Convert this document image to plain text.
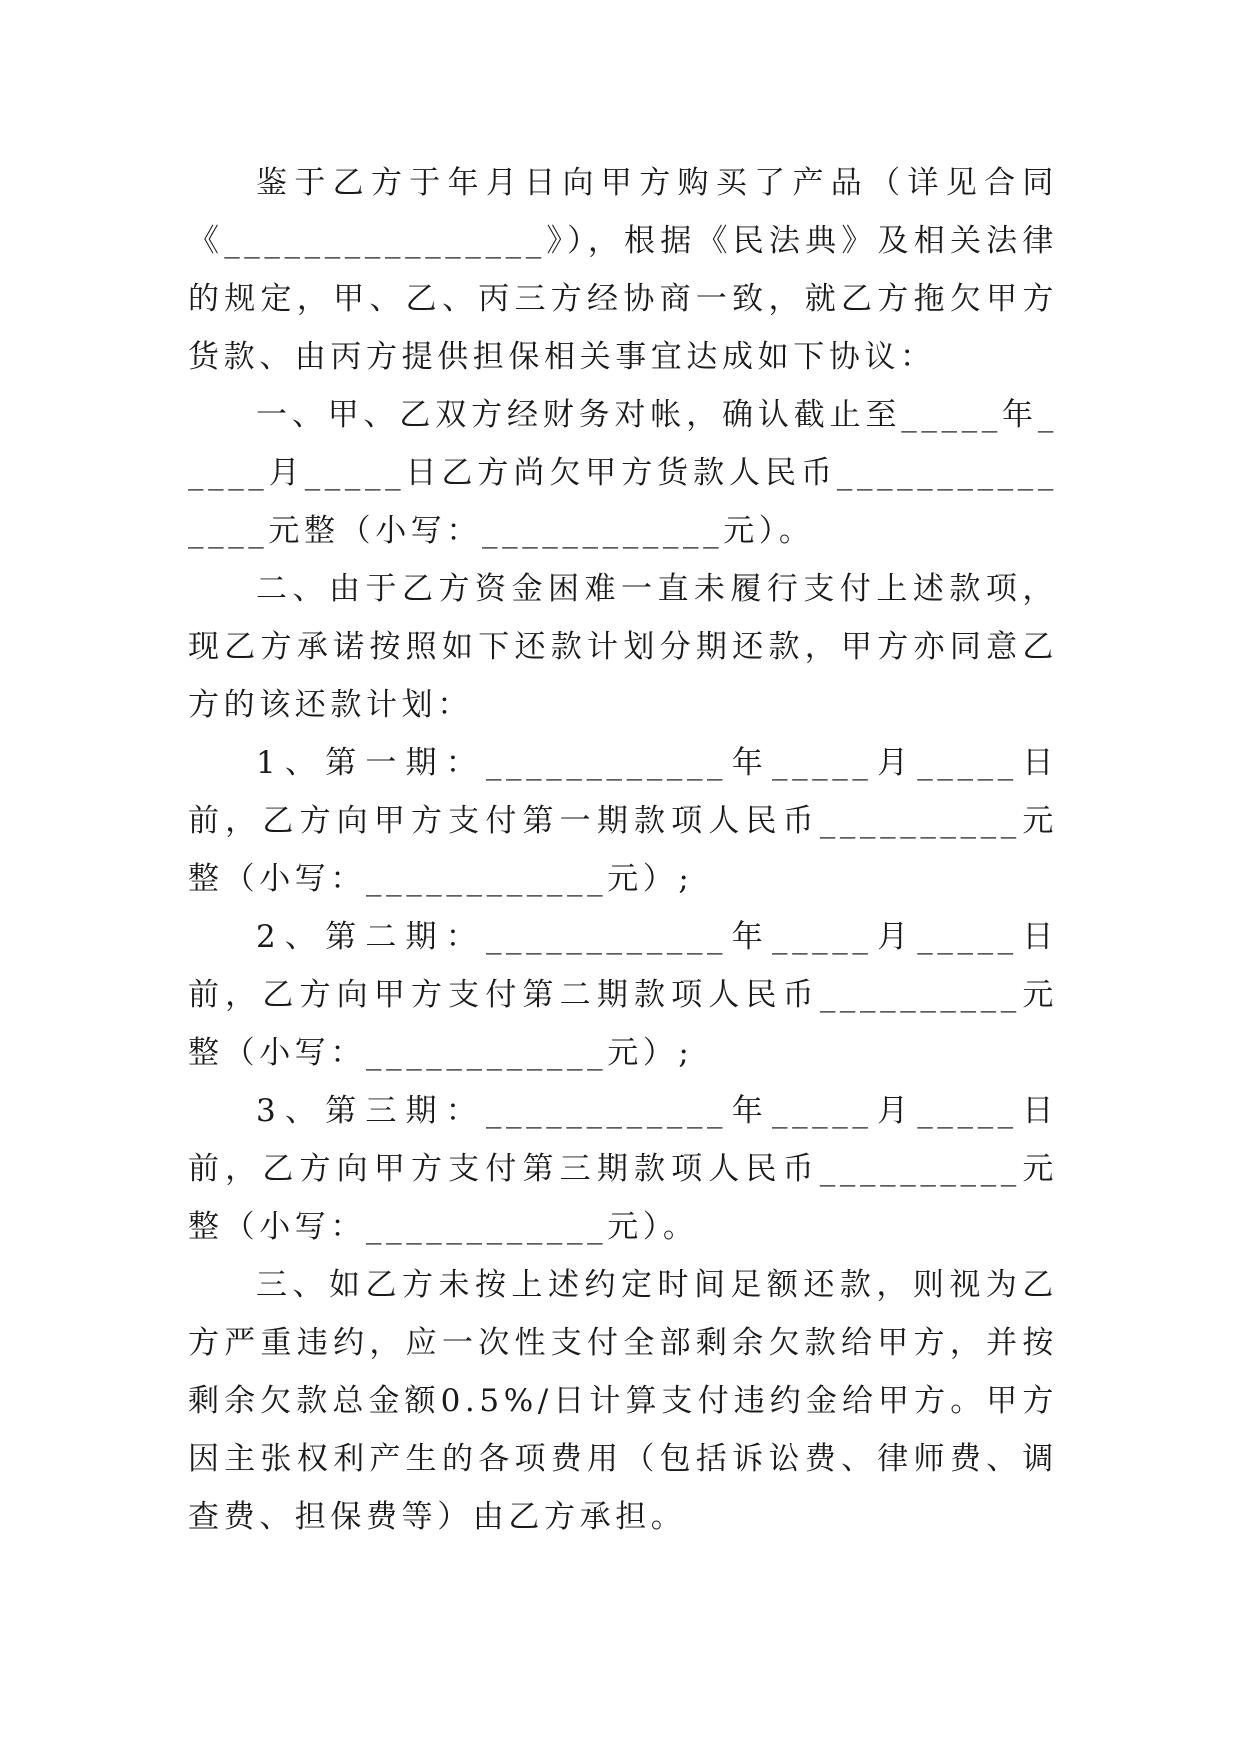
鉴于乙方于年月日向甲方购买了产品（详见合同《________________》），根据《民法典》及相关法律的规定，甲、乙、丙三方经协商一致，就乙方拖欠甲方货款、由丙方提供担保相关事宜达成如下协议：

一、甲、乙双方经财务对帐，确认截止至_____年_____月_____日乙方尚欠甲方货款人民币_______________元整（小写：____________元）。

二、由于乙方资金困难一直未履行支付上述款项，现乙方承诺按照如下还款计划分期还款，甲方亦同意乙方的该还款计划：

1、第一期：____________年_____月_____日前，乙方向甲方支付第一期款项人民币__________元整（小写：____________元）;

2、第二期：____________年_____月_____日前，乙方向甲方支付第二期款项人民币__________元整（小写：____________元）;

3、第三期：____________年_____月_____日前，乙方向甲方支付第三期款项人民币__________元整（小写：____________元）。

三、如乙方未按上述约定时间足额还款，则视为乙方严重违约，应一次性支付全部剩余欠款给甲方，并按剩余欠款总金额0.5%/日计算支付违约金给甲方。甲方因主张权利产生的各项费用（包括诉讼费、律师费、调查费、担保费等）由乙方承担。
